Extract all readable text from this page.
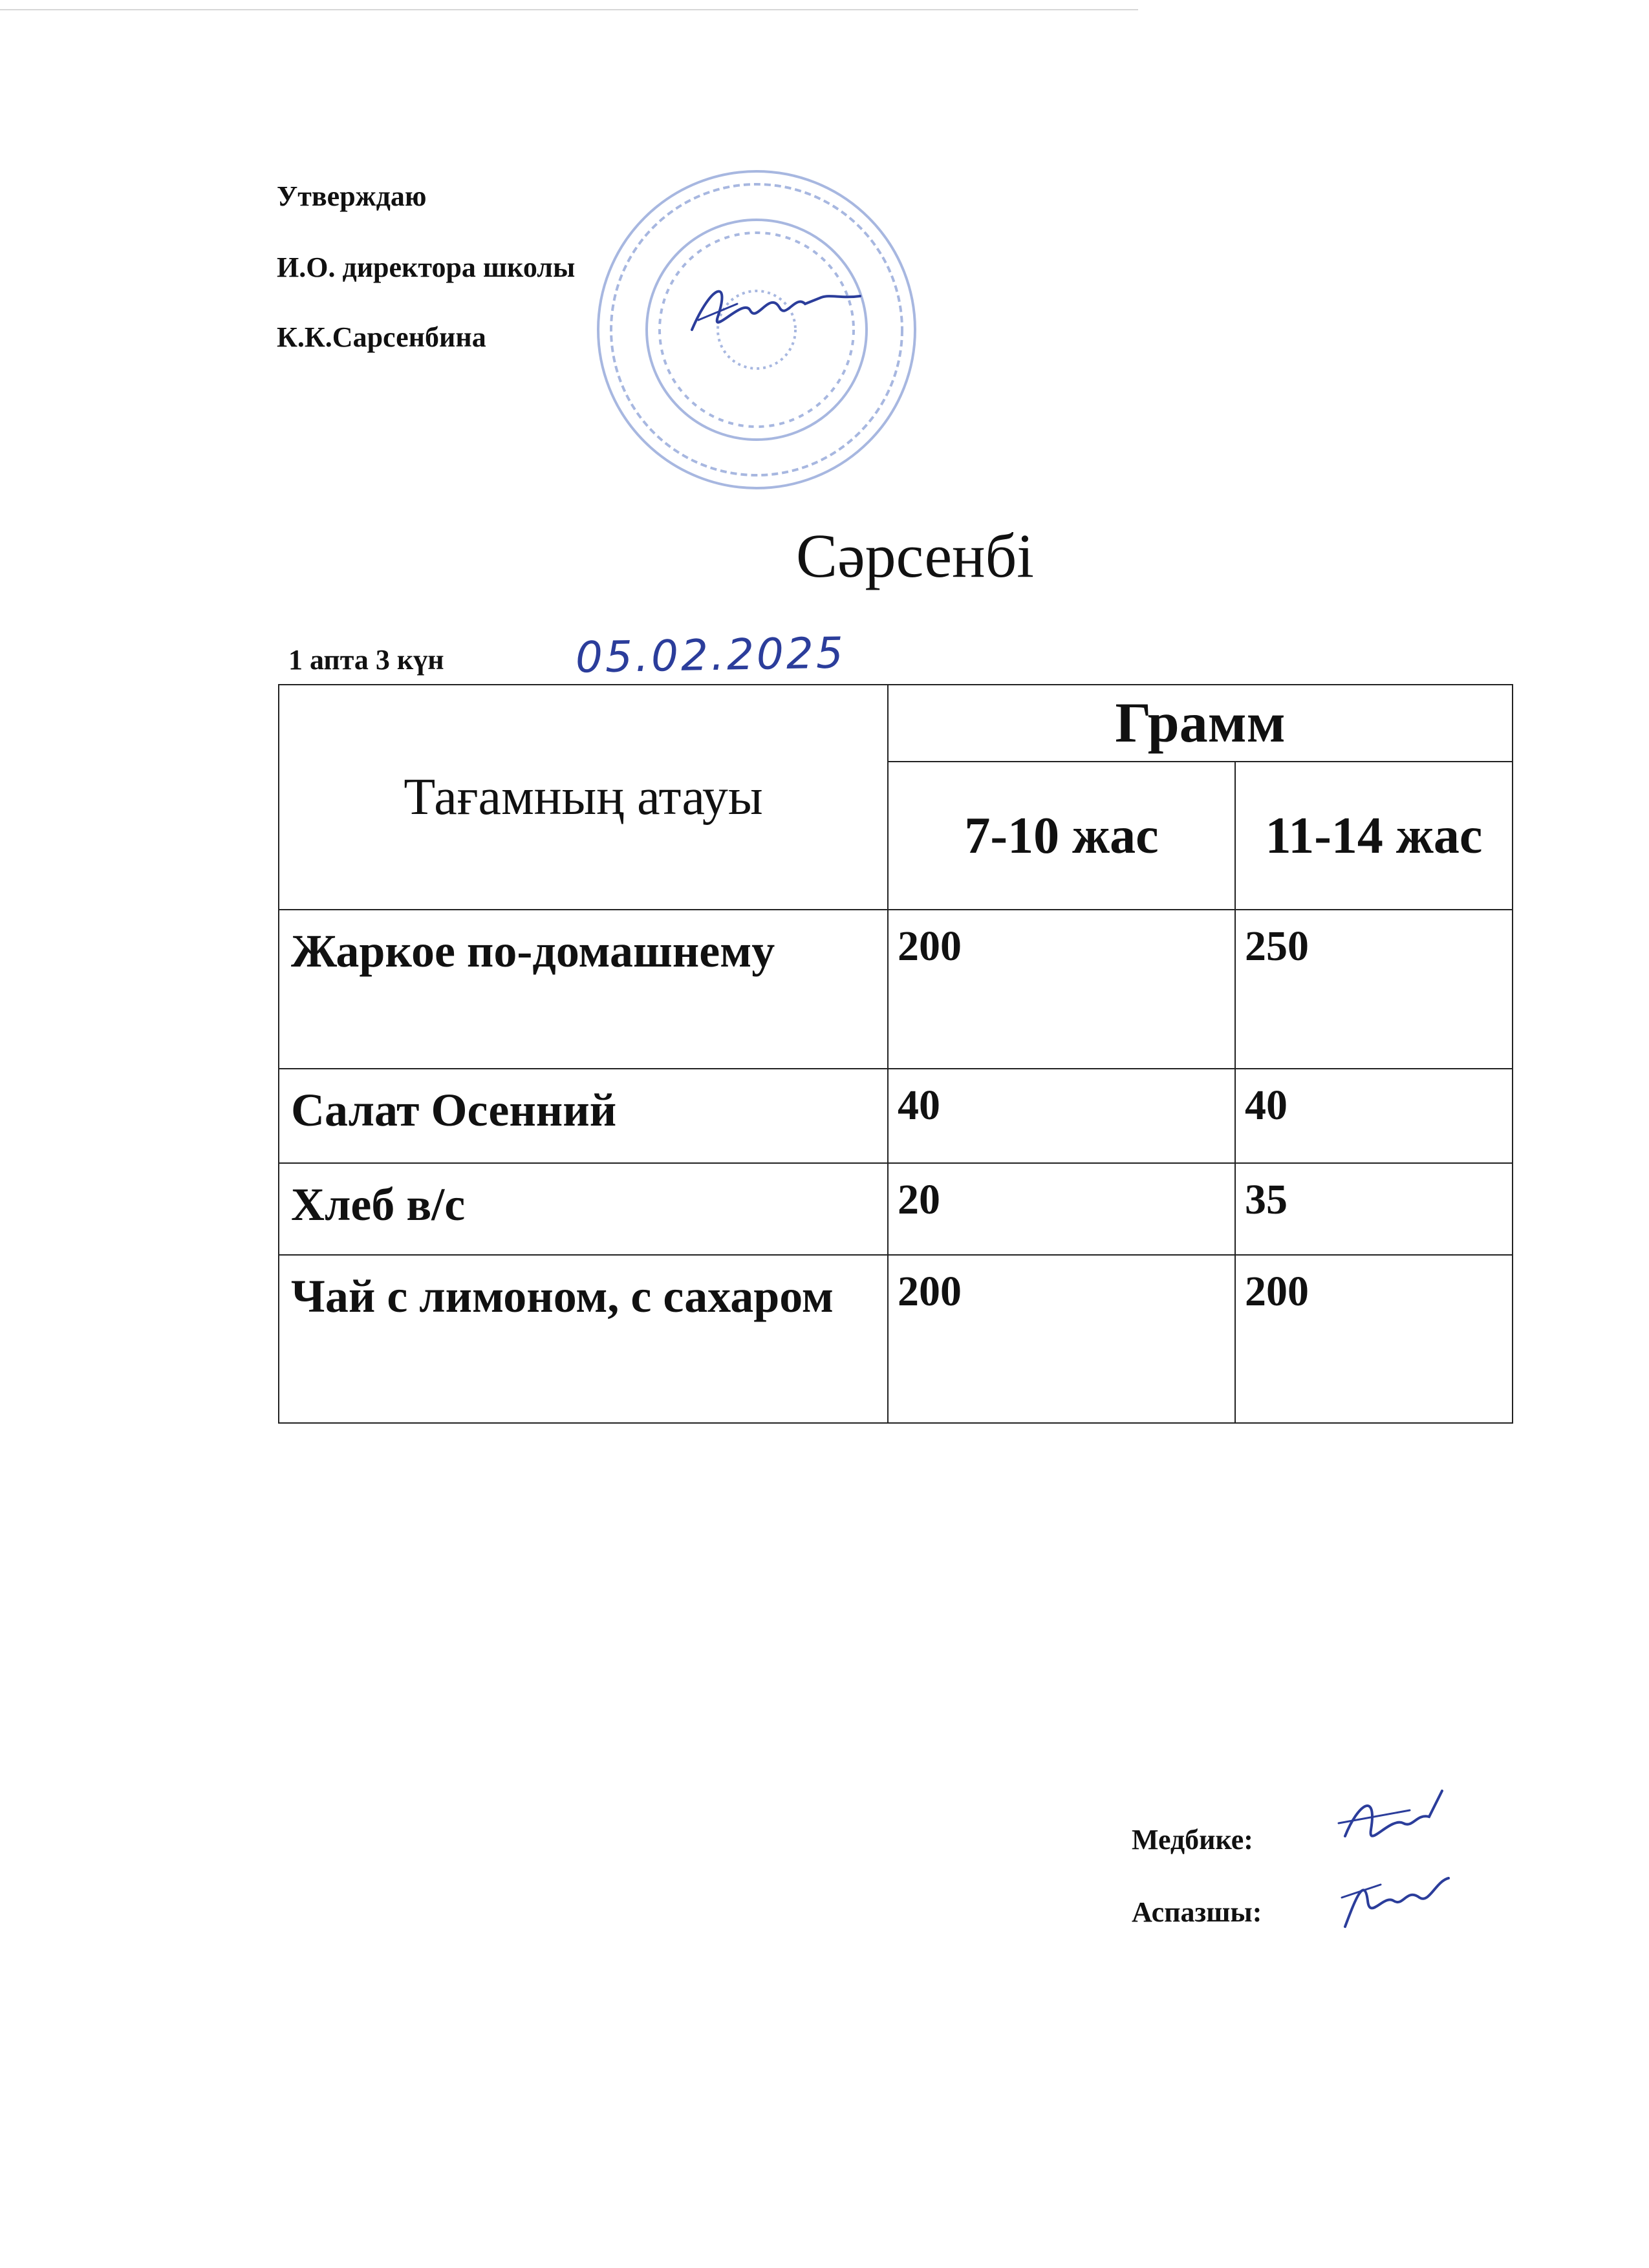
Утверждаю
И.О. директора школы
К.К.Сарсенбина
Сәрсенбі
1 апта 3 күн	05.02.2025
Тағамның атауы	Грамм	
	7-10 жас	11-14 жас
Жаркое по-домашнему	200	250
Салат Осенний	40	40
Хлеб в/с	20	35
Чай с лимоном, с сахаром	200	200
Медбике:
Аспазшы:
